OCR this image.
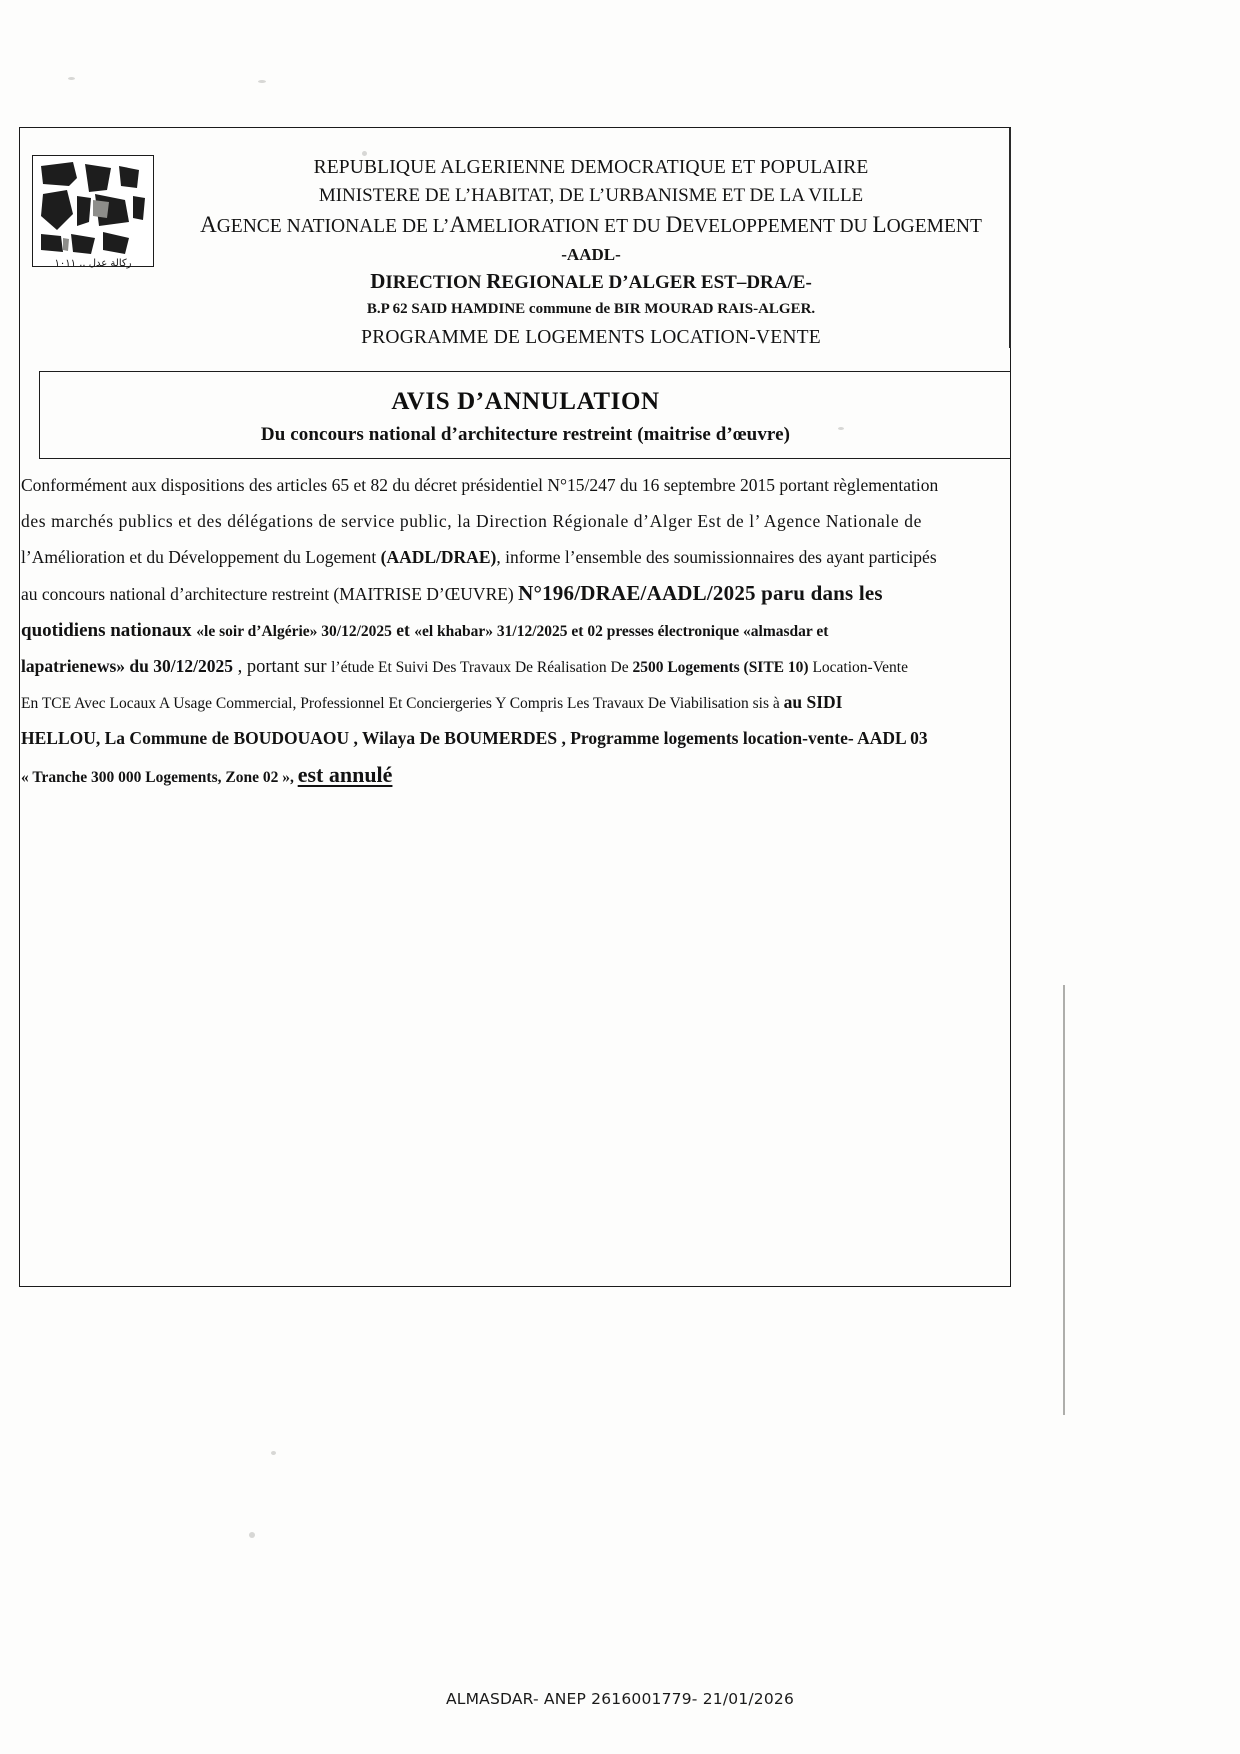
ﺭﻛﺎﻟﺔ ﻋﺪﻝ .. ١٠١١
REPUBLIQUE ALGERIENNE DEMOCRATIQUE ET POPULAIRE
MINISTERE DE L’HABITAT, DE L’URBANISME ET DE LA VILLE
AGENCE NATIONALE DE L’AMELIORATION ET DU DEVELOPPEMENT DU LOGEMENT
-AADL-
DIRECTION REGIONALE D’ALGER EST–DRA/E-
B.P 62 SAID HAMDINE commune de BIR MOURAD RAIS-ALGER.
PROGRAMME DE LOGEMENTS LOCATION-VENTE
AVIS D’ANNULATION
Du concours national d’architecture restreint (maitrise d’œuvre)
Conformément aux dispositions des articles 65 et 82 du décret présidentiel N°15/247 du 16 septembre 2015 portant règlementation
des marchés publics et des délégations de service public, la Direction Régionale d’Alger Est de l’ Agence Nationale de
l’Amélioration et du Développement du Logement (AADL/DRAE), informe l’ensemble des soumissionnaires des ayant participés
au concours national d’architecture restreint (MAITRISE D’ŒUVRE) N°196/DRAE/AADL/2025 paru dans les
quotidiens nationaux «le soir d’Algérie» 30/12/2025 et «el khabar» 31/12/2025 et 02 presses électronique «almasdar et
lapatrienews» du 30/12/2025 , portant sur l’étude Et Suivi Des Travaux De Réalisation De 2500 Logements (SITE 10) Location-Vente
En TCE Avec Locaux A Usage Commercial, Professionnel Et Conciergeries Y Compris Les Travaux De Viabilisation sis à au SIDI
HELLOU, La Commune de BOUDOUAOU , Wilaya De BOUMERDES , Programme logements location-vente- AADL 03
« Tranche 300 000 Logements, Zone 02 », est annulé
ALMASDAR- ANEP 2616001779- 21/01/2026
